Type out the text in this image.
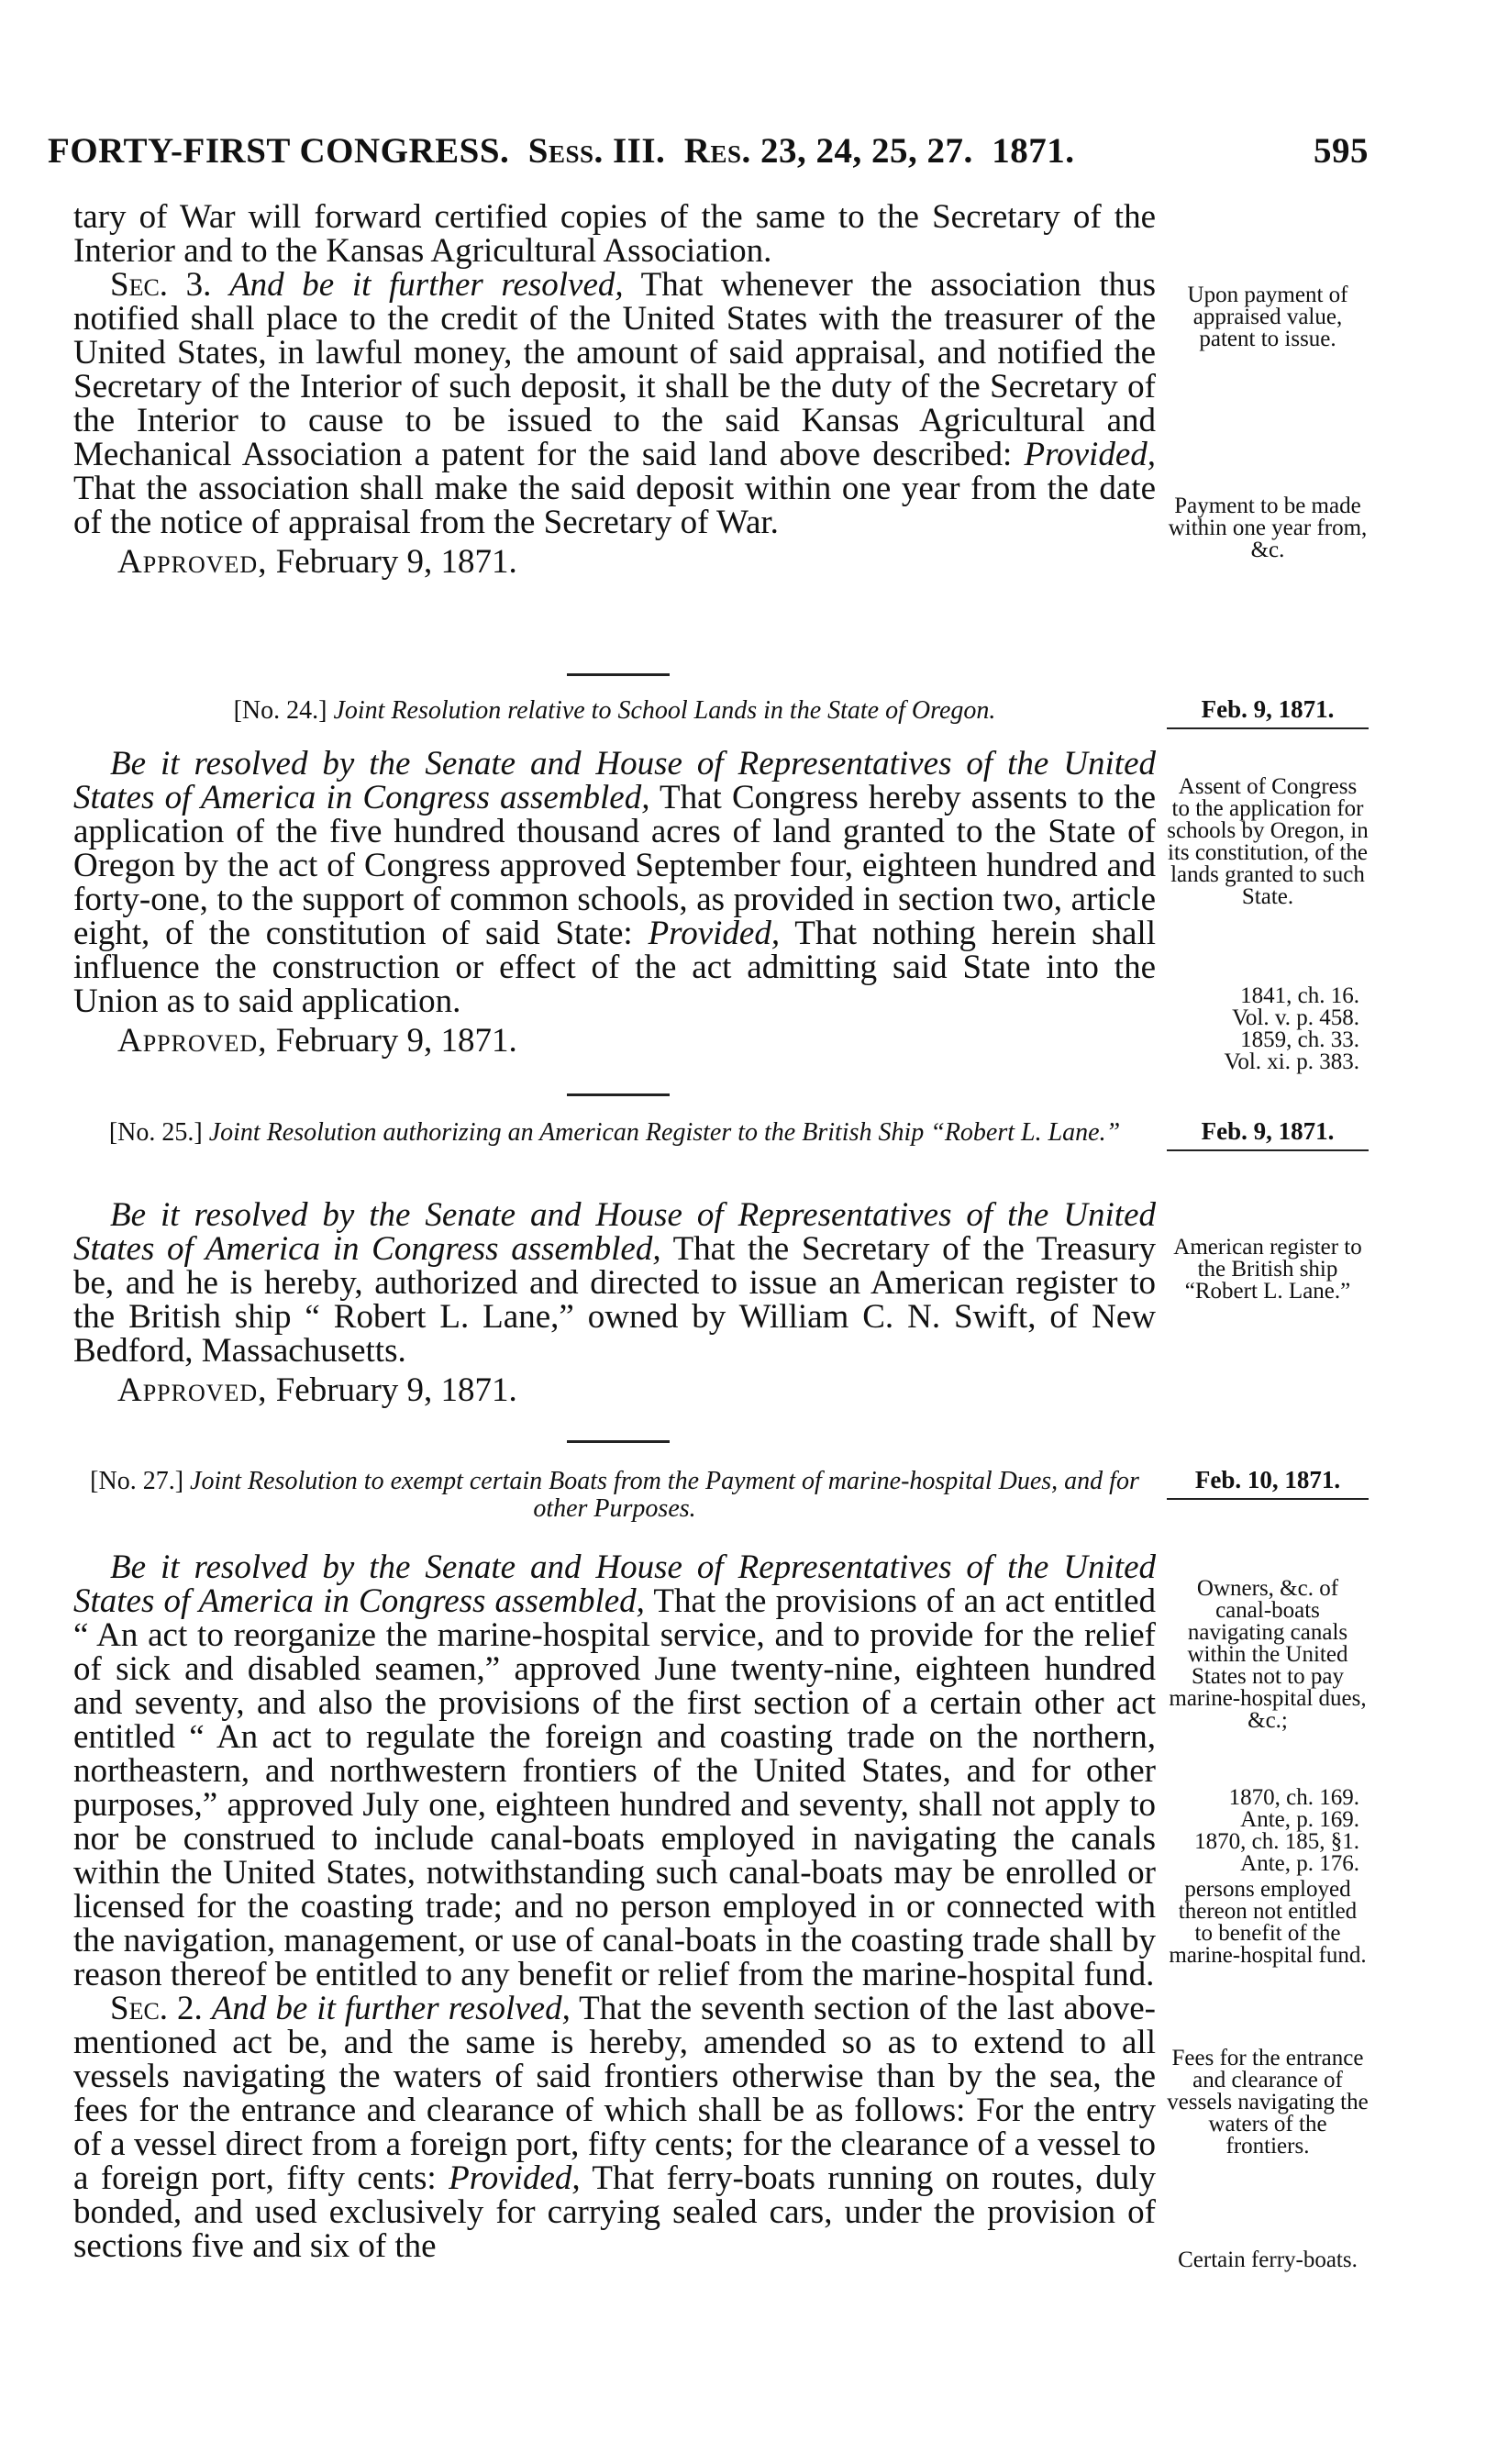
FORTY-FIRST CONGRESS. Sess. III. Res. 23, 24, 25, 27. 1871.	595

tary of War will forward certified copies of the same to the Secretary of the Interior and to the Kansas Agricultural Association.

Sec. 3. And be it further resolved, That whenever the association thus notified shall place to the credit of the United States with the treasurer of the United States, in lawful money, the amount of said appraisal, and notified the Secretary of the Interior of such deposit, it shall be the duty of the Secretary of the Interior to cause to be issued to the said Kansas Agricultural and Mechanical Association a patent for the said land above described: Provided, That the association shall make the said deposit within one year from the date of the notice of appraisal from the Secretary of War.

Approved, February 9, 1871.

Upon payment of appraised value, patent to issue.
Payment to be made within one year from, &c.
[No. 24.] Joint Resolution relative to School Lands in the State of Oregon.	Feb. 9, 1871.

Be it resolved by the Senate and House of Representatives of the United States of America in Congress assembled, That Congress hereby assents to the application of the five hundred thousand acres of land granted to the State of Oregon by the act of Congress approved September four, eighteen hundred and forty-one, to the support of common schools, as provided in section two, article eight, of the constitution of said State: Provided, That nothing herein shall influence the construction or effect of the act admitting said State into the Union as to said application.

Approved, February 9, 1871.

Assent of Congress to the application for schools by Oregon, in its constitution, of the lands granted to such State.
1841, ch. 16.
Vol. v. p. 458.
1859, ch. 33.
Vol. xi. p. 383.
[No. 25.] Joint Resolution authorizing an American Register to the British Ship “Robert L. Lane.”	Feb. 9, 1871.

Be it resolved by the Senate and House of Representatives of the United States of America in Congress assembled, That the Secretary of the Treasury be, and he is hereby, authorized and directed to issue an American register to the British ship “ Robert L. Lane,” owned by William C. N. Swift, of New Bedford, Massachusetts.

Approved, February 9, 1871.

American register to the British ship “Robert L. Lane.”
[No. 27.] Joint Resolution to exempt certain Boats from the Payment of marine-hospital Dues, and for other Purposes.
Feb. 10, 1871.

Be it resolved by the Senate and House of Representatives of the United States of America in Congress assembled, That the provisions of an act entitled “ An act to reorganize the marine-hospital service, and to provide for the relief of sick and disabled seamen,” approved June twenty-nine, eighteen hundred and seventy, and also the provisions of the first section of a certain other act entitled “ An act to regulate the foreign and coasting trade on the northern, northeastern, and northwestern frontiers of the United States, and for other purposes,” approved July one, eighteen hundred and seventy, shall not apply to nor be construed to include canal-boats employed in navigating the canals within the United States, notwithstanding such canal-boats may be enrolled or licensed for the coasting trade; and no person employed in or connected with the navigation, management, or use of canal-boats in the coasting trade shall by reason thereof be entitled to any benefit or relief from the marine-hospital fund.

Sec. 2. And be it further resolved, That the seventh section of the last above-mentioned act be, and the same is hereby, amended so as to extend to all vessels navigating the waters of said frontiers otherwise than by the sea, the fees for the entrance and clearance of which shall be as follows: For the entry of a vessel direct from a foreign port, fifty cents; for the clearance of a vessel to a foreign port, fifty cents: Provided, That ferry-boats running on routes, duly bonded, and used exclusively for carrying sealed cars, under the provision of sections five and six of the

Owners, &c. of canal-boats navigating canals within the United States not to pay marine-hospital dues, &c.;
1870, ch. 169.
Ante, p. 169.
1870, ch. 185, §1.
Ante, p. 176.
persons employed thereon not entitled to benefit of the marine-hospital fund.
Fees for the entrance and clearance of vessels navigating the waters of the frontiers.
Certain ferry-boats.
